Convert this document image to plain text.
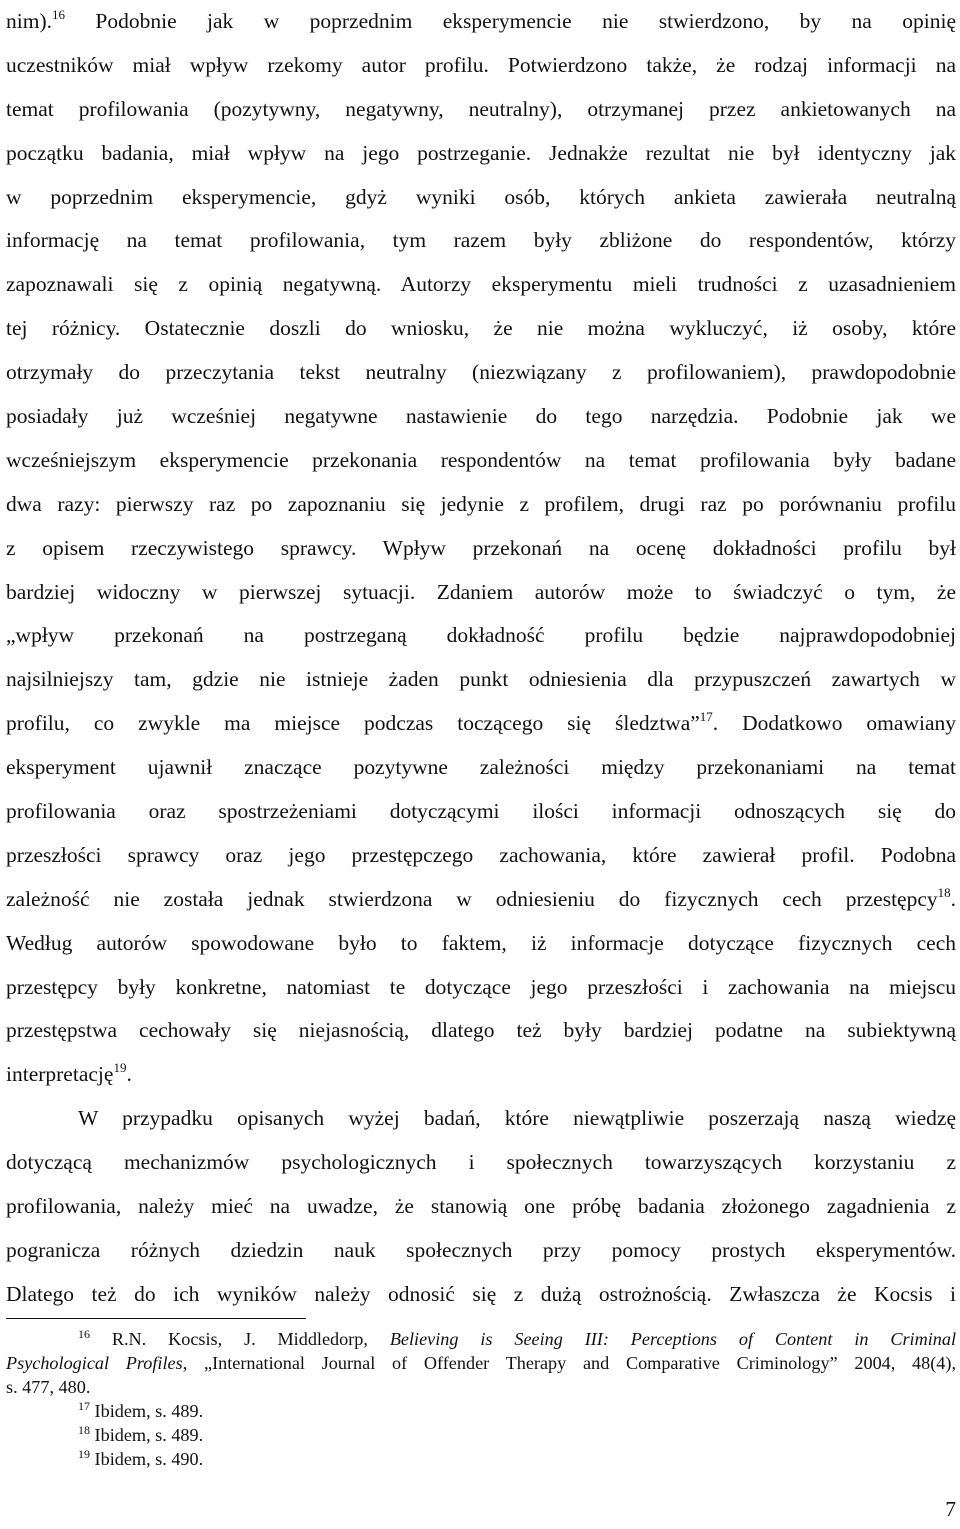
nim).$^{16}$ Podobnie jak w poprzednim eksperymencie nie stwierdzono, by na opinię
uczestników miał wpływ rzekomy autor profilu. Potwierdzono także, że rodzaj informacji na
temat profilowania (pozytywny, negatywny, neutralny), otrzymanej przez ankietowanych na
początku badania, miał wpływ na jego postrzeganie. Jednakże rezultat nie był identyczny jak
w poprzednim eksperymencie, gdyż wyniki osób, których ankieta zawierała neutralną
informację na temat profilowania, tym razem były zbliżone do respondentów, którzy
zapoznawali się z opinią negatywną. Autorzy eksperymentu mieli trudności z uzasadnieniem
tej różnicy. Ostatecznie doszli do wniosku, że nie można wykluczyć, iż osoby, które
otrzymały do przeczytania tekst neutralny (niezwiązany z profilowaniem), prawdopodobnie
posiadały już wcześniej negatywne nastawienie do tego narzędzia. Podobnie jak we
wcześniejszym eksperymencie przekonania respondentów na temat profilowania były badane
dwa razy: pierwszy raz po zapoznaniu się jedynie z profilem, drugi raz po porównaniu profilu
z opisem rzeczywistego sprawcy. Wpływ przekonań na ocenę dokładności profilu był
bardziej widoczny w pierwszej sytuacji. Zdaniem autorów może to świadczyć o tym, że
„wpływ przekonań na postrzeganą dokładność profilu będzie najprawdopodobniej
najsilniejszy tam, gdzie nie istnieje żaden punkt odniesienia dla przypuszczeń zawartych w
profilu, co zwykle ma miejsce podczas toczącego się śledztwa”$^{17}$. Dodatkowo omawiany
eksperyment ujawnił znaczące pozytywne zależności między przekonaniami na temat
profilowania oraz spostrzeżeniami dotyczącymi ilości informacji odnoszących się do
przeszłości sprawcy oraz jego przestępczego zachowania, które zawierał profil. Podobna
zależność nie została jednak stwierdzona w odniesieniu do fizycznych cech przestępcy$^{18}$.
Według autorów spowodowane było to faktem, iż informacje dotyczące fizycznych cech
przestępcy były konkretne, natomiast te dotyczące jego przeszłości i zachowania na miejscu
przestępstwa cechowały się niejasnością, dlatego też były bardziej podatne na subiektywną
interpretację$^{19}$.
W przypadku opisanych wyżej badań, które niewątpliwie poszerzają naszą wiedzę
dotyczącą mechanizmów psychologicznych i społecznych towarzyszących korzystaniu z
profilowania, należy mieć na uwadze, że stanowią one próbę badania złożonego zagadnienia z
pogranicza różnych dziedzin nauk społecznych przy pomocy prostych eksperymentów.
Dlatego też do ich wyników należy odnosić się z dużą ostrożnością. Zwłaszcza że Kocsis i
$^{16}$ R.N. Kocsis, J. Middledorp, Believing is Seeing III: Perceptions of Content in Criminal
Psychological Profiles, „International Journal of Offender Therapy and Comparative Criminology” 2004, 48(4),
s. 477, 480.
$^{17}$ Ibidem, s. 489.
$^{18}$ Ibidem, s. 489.
$^{19}$ Ibidem, s. 490.
7
